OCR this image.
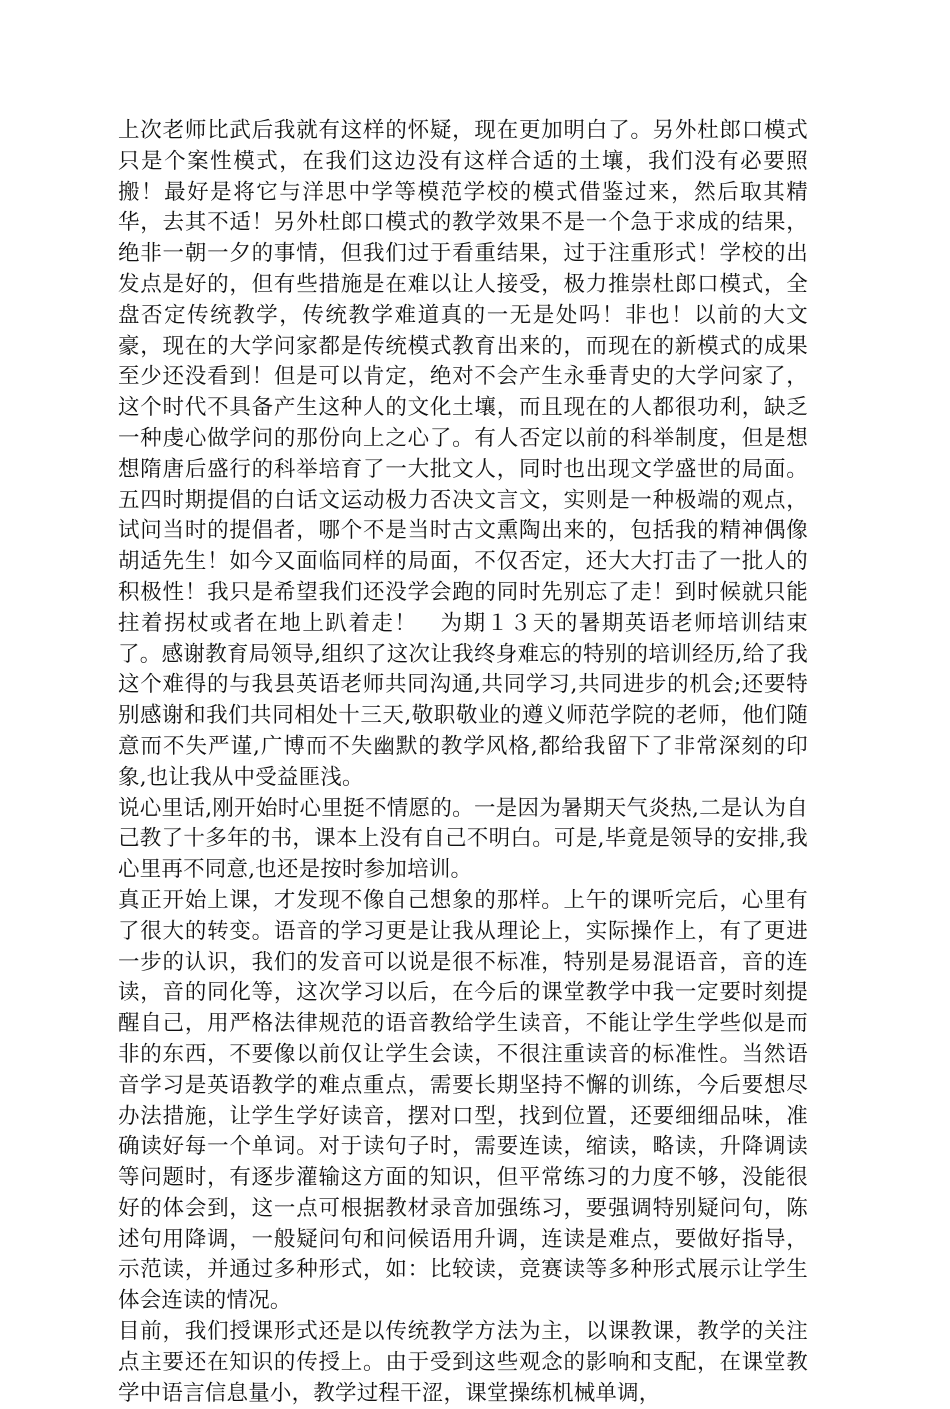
上次老师比武后我就有这样的怀疑，现在更加明白了。另外杜郎口模式只是个案性模式，在我们这边没有这样合适的土壤，我们没有必要照搬！最好是将它与洋思中学等模范学校的模式借鉴过来，然后取其精华，去其不适！另外杜郎口模式的教学效果不是一个急于求成的结果，绝非一朝一夕的事情，但我们过于看重结果，过于注重形式！学校的出发点是好的，但有些措施是在难以让人接受，极力推崇杜郎口模式，全盘否定传统教学，传统教学难道真的一无是处吗！非也！以前的大文豪，现在的大学问家都是传统模式教育出来的，而现在的新模式的成果至少还没看到！但是可以肯定，绝对不会产生永垂青史的大学问家了，这个时代不具备产生这种人的文化土壤，而且现在的人都很功利，缺乏一种虔心做学问的那份向上之心了。有人否定以前的科举制度，但是想想隋唐后盛行的科举培育了一大批文人，同时也出现文学盛世的局面。五四时期提倡的白话文运动极力否决文言文，实则是一种极端的观点，试问当时的提倡者，哪个不是当时古文熏陶出来的，包括我的精神偶像胡适先生！如今又面临同样的局面，不仅否定，还大大打击了一批人的积极性！我只是希望我们还没学会跑的同时先别忘了走！到时候就只能拄着拐杖或者在地上趴着走！　为期１３天的暑期英语老师培训结束了。感谢教育局领导,组织了这次让我终身难忘的特别的培训经历,给了我这个难得的与我县英语老师共同沟通,共同学习,共同进步的机会;还要特别感谢和我们共同相处十三天,敬职敬业的遵义师范学院的老师，他们随意而不失严谨,广博而不失幽默的教学风格,都给我留下了非常深刻的印象,也让我从中受益匪浅。

说心里话,刚开始时心里挺不情愿的。一是因为暑期天气炎热,二是认为自己教了十多年的书，课本上没有自己不明白。可是,毕竟是领导的安排,我心里再不同意,也还是按时参加培训。

真正开始上课，才发现不像自己想象的那样。上午的课听完后，心里有了很大的转变。语音的学习更是让我从理论上，实际操作上，有了更进一步的认识，我们的发音可以说是很不标准，特别是易混语音，音的连读，音的同化等，这次学习以后，在今后的课堂教学中我一定要时刻提醒自己，用严格法律规范的语音教给学生读音，不能让学生学些似是而非的东西，不要像以前仅让学生会读，不很注重读音的标准性。当然语音学习是英语教学的难点重点，需要长期坚持不懈的训练，今后要想尽办法措施，让学生学好读音，摆对口型，找到位置，还要细细品味，准确读好每一个单词。对于读句子时，需要连读，缩读，略读，升降调读等问题时，有逐步灌输这方面的知识，但平常练习的力度不够，没能很好的体会到，这一点可根据教材录音加强练习，要强调特别疑问句，陈述句用降调，一般疑问句和问候语用升调，连读是难点，要做好指导，示范读，并通过多种形式，如：比较读，竞赛读等多种形式展示让学生体会连读的情况。

目前，我们授课形式还是以传统教学方法为主，以课教课，教学的关注点主要还在知识的传授上。由于受到这些观念的影响和支配，在课堂教学中语言信息量小，教学过程干涩，课堂操练机械单调，
